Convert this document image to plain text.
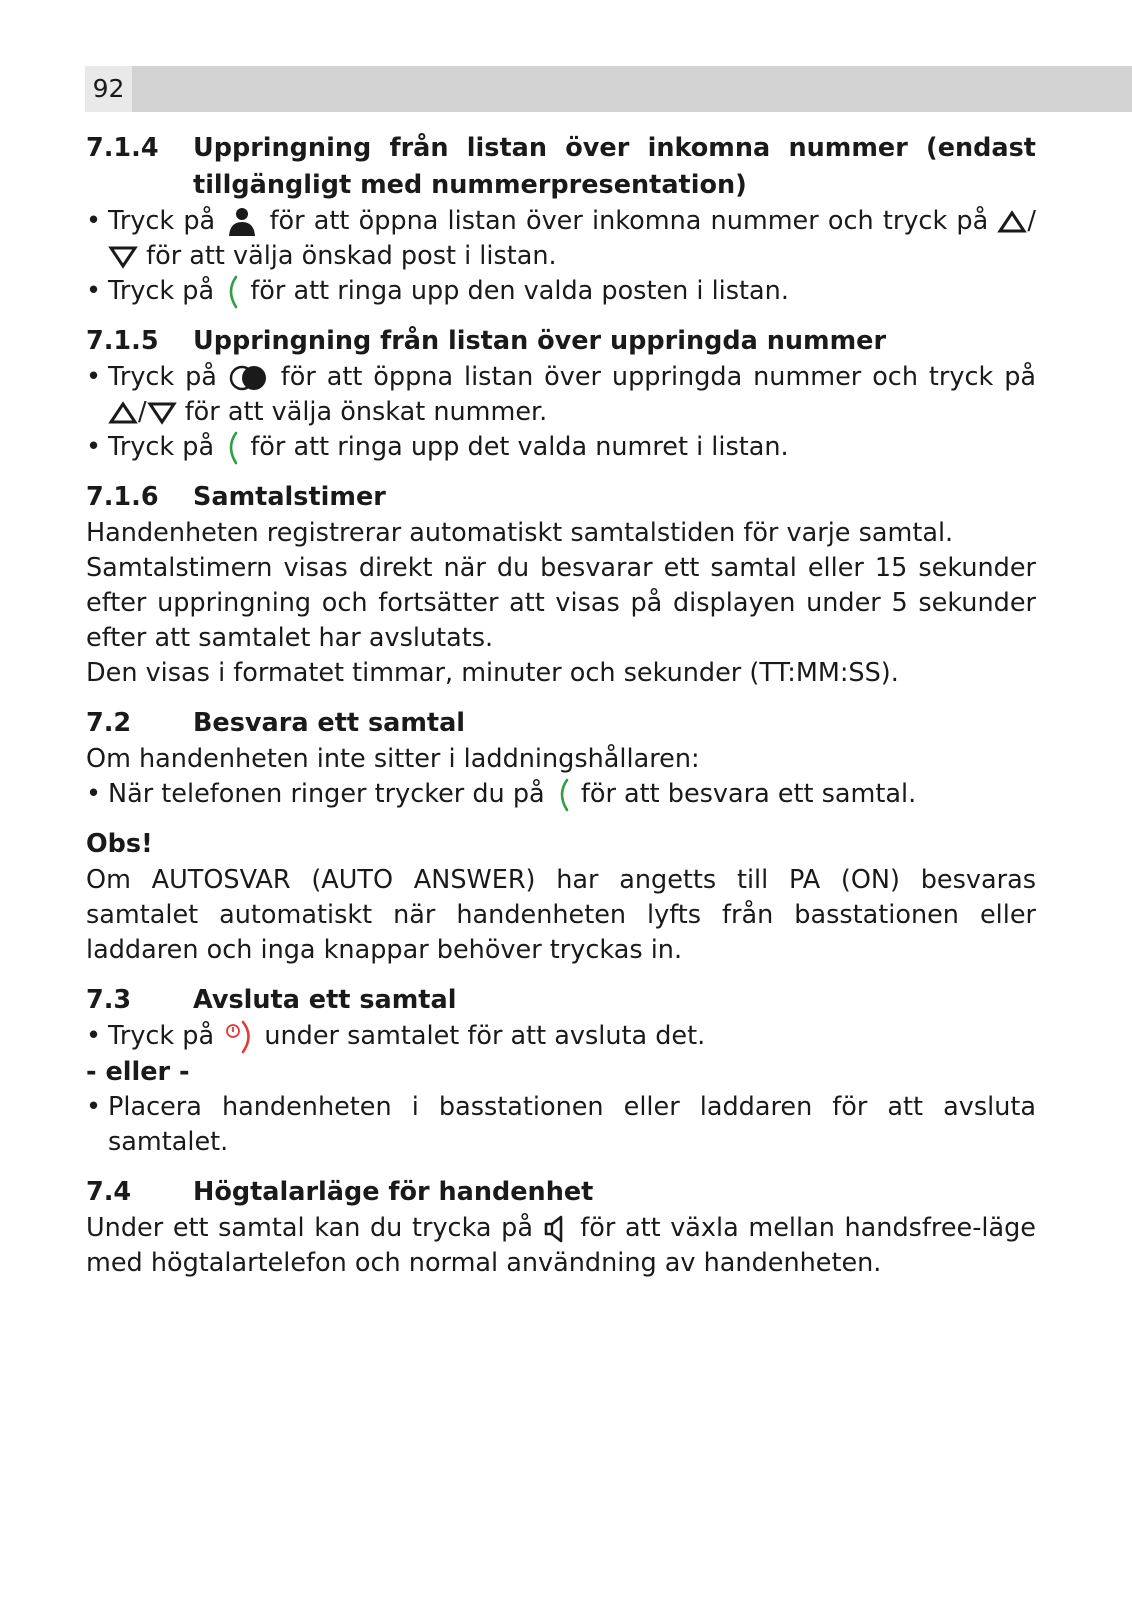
92
7.1.4	Uppringning från listan över inkomna nummer (endast tillgängligt med nummerpresentation)
• Tryck på för att öppna listan över inkomna nummer och tryck på /
för att välja önskad post i listan.
• Tryck på för att ringa upp den valda posten i listan.
7.1.5	Uppringning från listan över uppringda nummer
• Tryck på	för att öppna listan över uppringda nummer och tryck på
/ för att välja önskat nummer.
• Tryck på för att ringa upp det valda numret i listan.
7.1.6	Samtalstimer

Handenheten registrerar automatiskt samtalstiden för varje samtal.

Samtalstimern visas direkt när du besvarar ett samtal eller 15 sekunder efter uppringning och fortsätter att visas på displayen under 5 sekunder efter att samtalet har avslutats.

Den visas i formatet timmar, minuter och sekunder (TT:MM:SS).

7.2	Besvara ett samtal

Om handenheten inte sitter i laddningshållaren:

• När telefonen ringer trycker du på för att besvara ett samtal.
Obs!

Om AUTOSVAR (AUTO ANSWER) har angetts till PA (ON) besvaras samtalet automatiskt när handenheten lyfts från basstationen eller laddaren och inga knappar behöver tryckas in.

7.3	Avsluta ett samtal
• Tryck på under samtalet för att avsluta det.

- eller -

• Placera handenheten i basstationen eller laddaren för att avsluta samtalet.
7.4	Högtalarläge för handenhet

Under ett samtal kan du trycka på för att växla mellan handsfree-läge med högtalartelefon och normal användning av handenheten.
